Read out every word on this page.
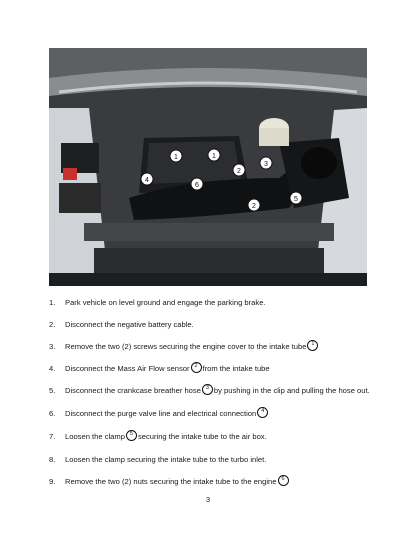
1	1
2
2
3
4
5
6
1.	Park vehicle on level ground and engage the parking brake.
2.	Disconnect the negative battery cable.
3.	Remove the two (2) screws securing the engine cover to the intake tube 1
4.	Disconnect the Mass Air Flow sensor 2 from the intake tube
5.	Disconnect the crankcase breather hose 3 by pushing in the clip and pulling the hose out.
6.	Disconnect the purge valve line and electrical connection 4
7.	Loosen the clamp 5 securing the intake tube to the air box.
8.	Loosen the clamp securing the intake tube to the turbo inlet.
9.	Remove the two (2) nuts securing the intake tube to the engine 6
3
